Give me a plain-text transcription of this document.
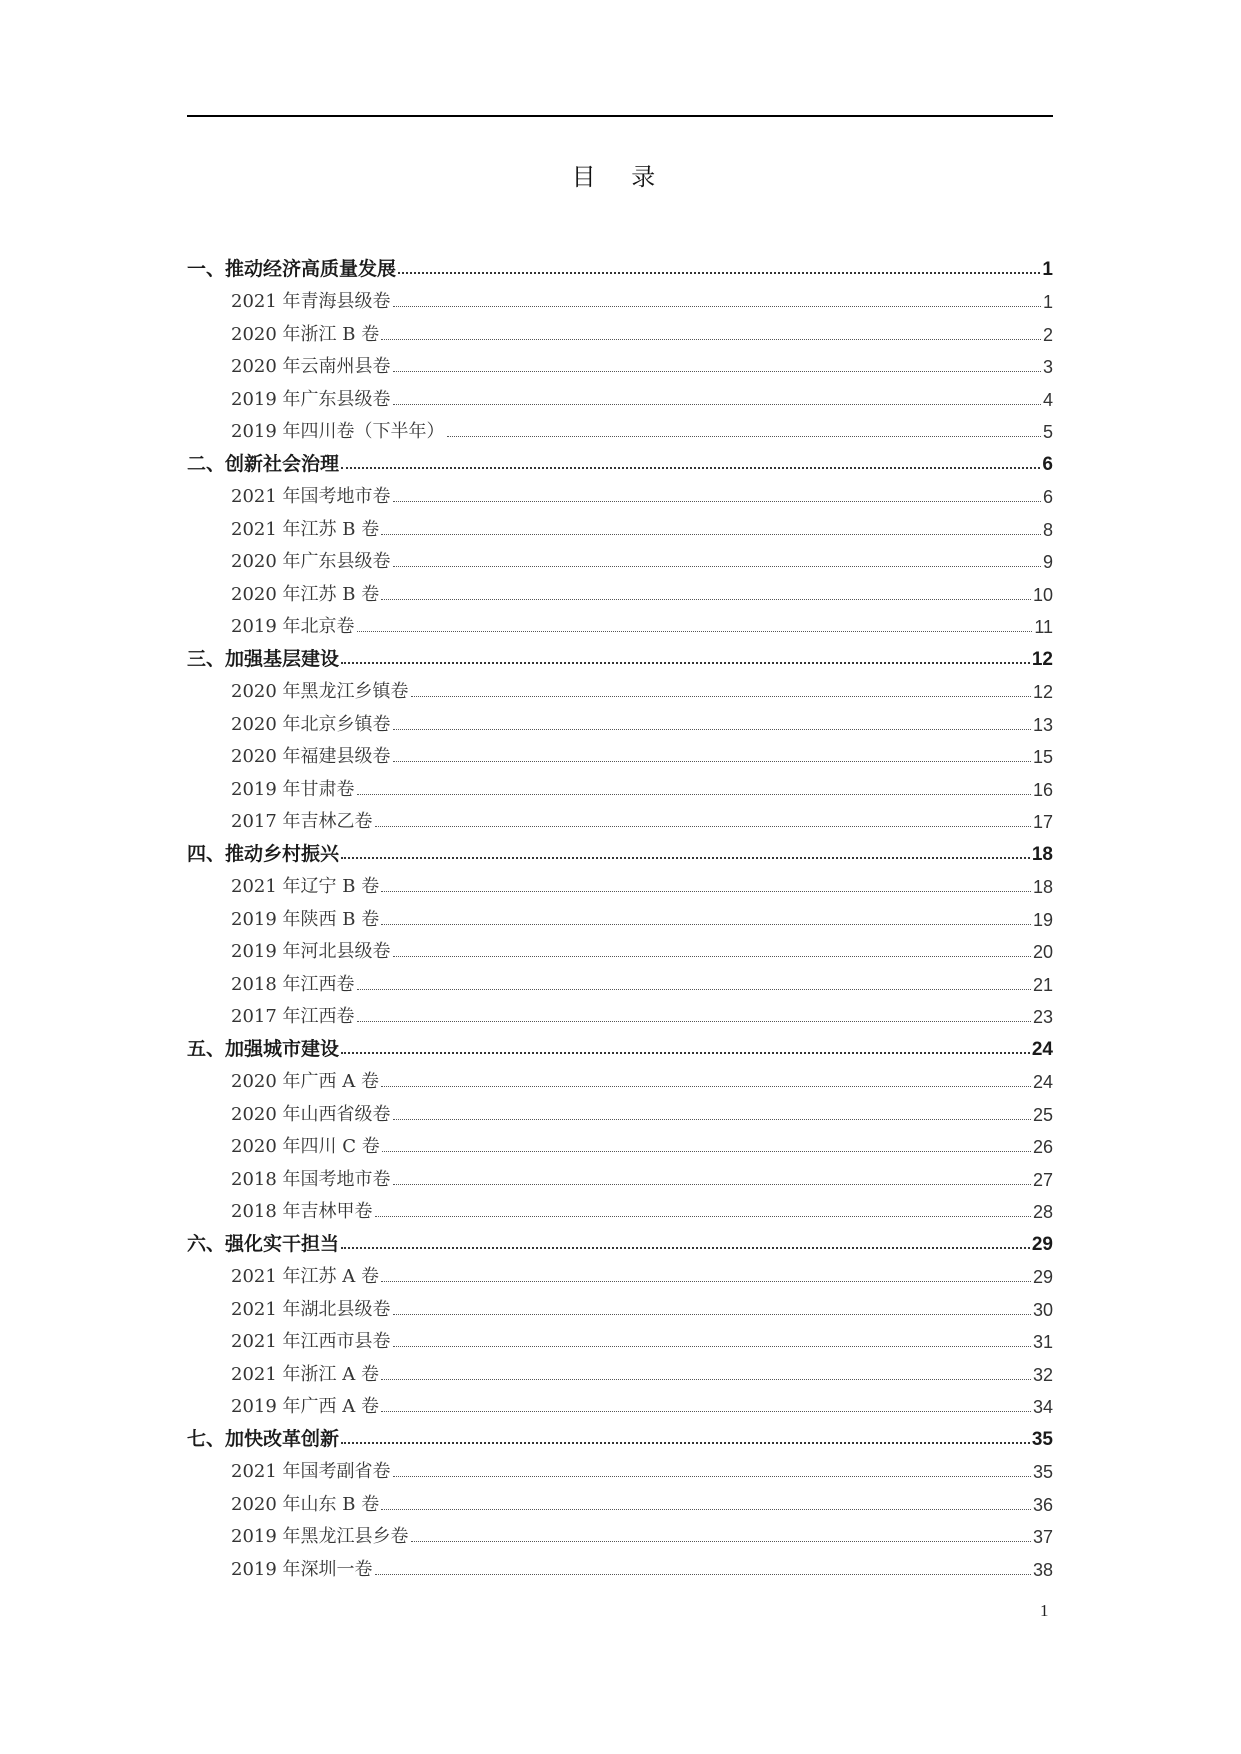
目 录
一、推动经济高质量发展	1
2021 年青海县级卷	1
2020 年浙江 B 卷	2
2020 年云南州县卷	3
2019 年广东县级卷	4
2019 年四川卷（下半年）	5
二、创新社会治理	6
2021 年国考地市卷	6
2021 年江苏 B 卷	8
2020 年广东县级卷	9
2020 年江苏 B 卷	10
2019 年北京卷	11
三、加强基层建设	12
2020 年黑龙江乡镇卷	12
2020 年北京乡镇卷	13
2020 年福建县级卷	15
2019 年甘肃卷	16
2017 年吉林乙卷	17
四、推动乡村振兴	18
2021 年辽宁 B 卷	18
2019 年陕西 B 卷	19
2019 年河北县级卷	20
2018 年江西卷	21
2017 年江西卷	23
五、加强城市建设	24
2020 年广西 A 卷	24
2020 年山西省级卷	25
2020 年四川 C 卷	26
2018 年国考地市卷	27
2018 年吉林甲卷	28
六、强化实干担当	29
2021 年江苏 A 卷	29
2021 年湖北县级卷	30
2021 年江西市县卷	31
2021 年浙江 A 卷	32
2019 年广西 A 卷	34
七、加快改革创新	35
2021 年国考副省卷	35
2020 年山东 B 卷	36
2019 年黑龙江县乡卷	37
2019 年深圳一卷	38
1
